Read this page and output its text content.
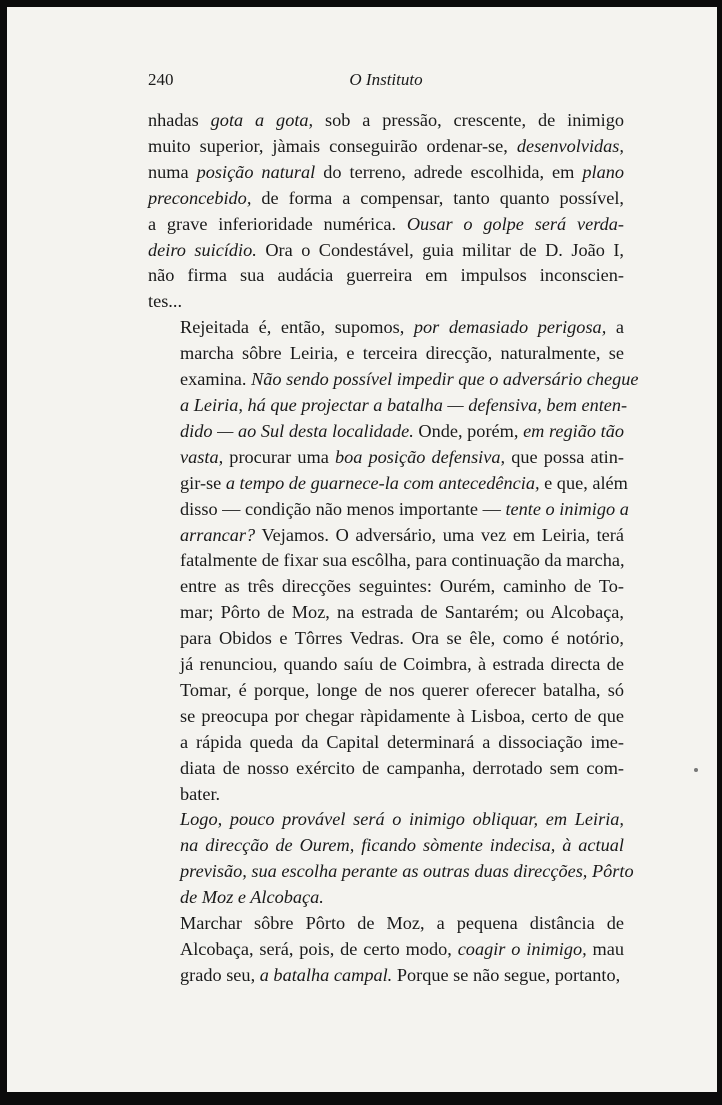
240	O Instituto

nhadas gota a gota, sob a pressão, crescente, de inimigo
muito superior, jàmais conseguirão ordenar-se, desenvolvidas,
numa posição natural do terreno, adrede escolhida, em plano
preconcebido, de forma a compensar, tanto quanto possível,
a grave inferioridade numérica. Ousar o golpe será verda-
deiro suicídio. Ora o Condestável, guia militar de D. João I,
não firma sua audácia guerreira em impulsos inconscien-
tes...

Rejeitada é, então, supomos, por demasiado perigosa, a
marcha sôbre Leiria, e terceira direcção, naturalmente, se
examina. Não sendo possível impedir que o adversário chegue
a Leiria, há que projectar a batalha — defensiva, bem enten-
dido — ao Sul desta localidade. Onde, porém, em região tão
vasta, procurar uma boa posição defensiva, que possa atin-
gir-se a tempo de guarnece-la com antecedência, e que, além
disso — condição não menos importante — tente o inimigo a
arrancar? Vejamos. O adversário, uma vez em Leiria, terá
fatalmente de fixar sua escôlha, para continuação da marcha,
entre as três direcções seguintes: Ourém, caminho de To-
mar; Pôrto de Moz, na estrada de Santarém; ou Alcobaça,
para Obidos e Tôrres Vedras. Ora se êle, como é notório,
já renunciou, quando saíu de Coimbra, à estrada directa de
Tomar, é porque, longe de nos querer oferecer batalha, só
se preocupa por chegar ràpidamente à Lisboa, certo de que
a rápida queda da Capital determinará a dissociação ime-
diata de nosso exército de campanha, derrotado sem com-
bater.

Logo, pouco provável será o inimigo obliquar, em Leiria,
na direcção de Ourem, ficando sòmente indecisa, à actual
previsão, sua escolha perante as outras duas direcções, Pôrto
de Moz e Alcobaça.

Marchar sôbre Pôrto de Moz, a pequena distância de
Alcobaça, será, pois, de certo modo, coagir o inimigo, mau
grado seu, a batalha campal. Porque se não segue, portanto,
